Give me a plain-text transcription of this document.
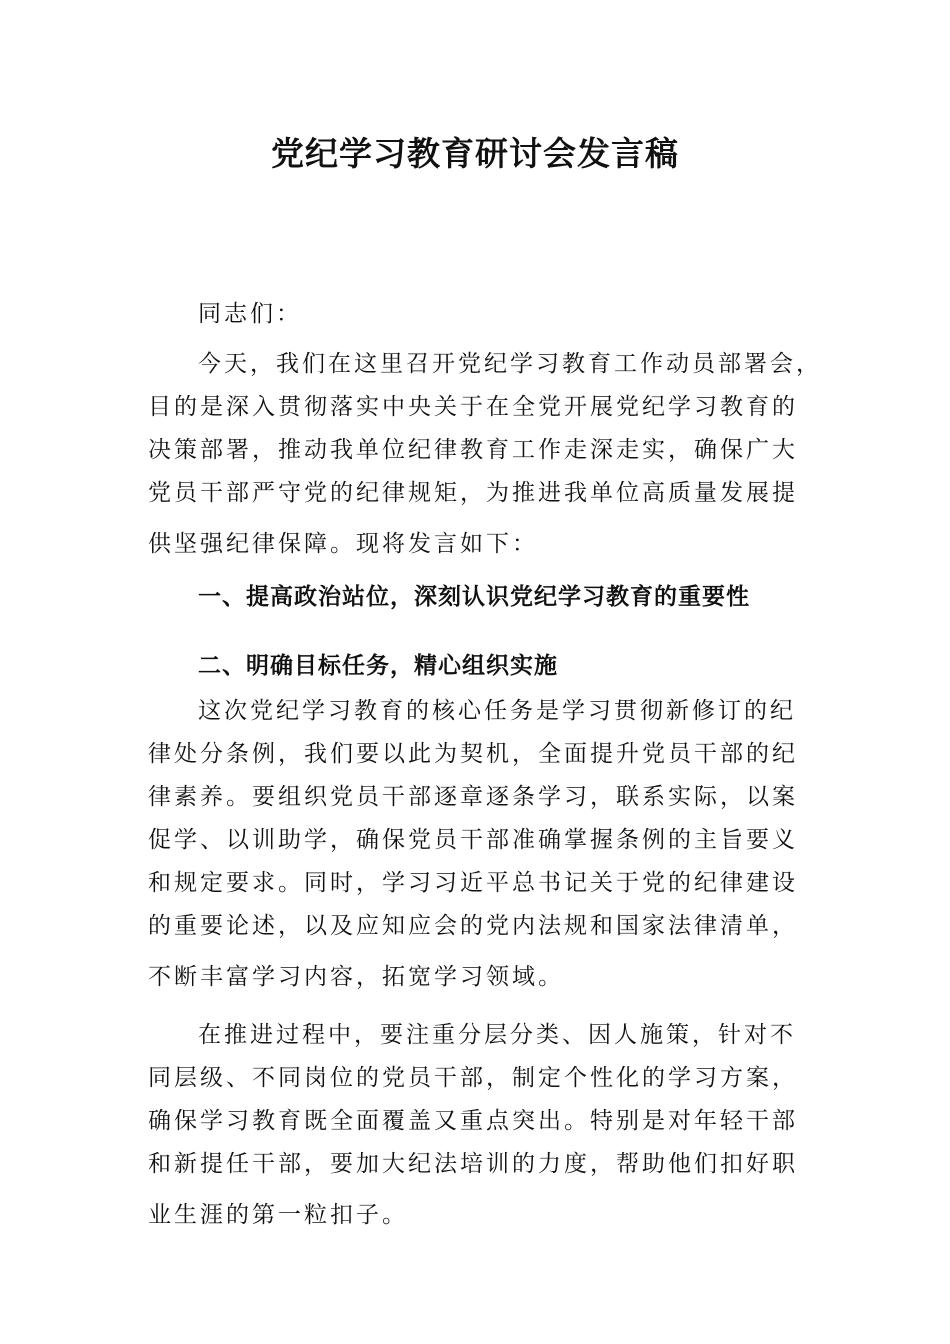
党纪学习教育研讨会发言稿
同志们：
今天，我们在这里召开党纪学习教育工作动员部署会，
目的是深入贯彻落实中央关于在全党开展党纪学习教育的
决策部署，推动我单位纪律教育工作走深走实，确保广大
党员干部严守党的纪律规矩，为推进我单位高质量发展提
供坚强纪律保障。现将发言如下：
一、提高政治站位，深刻认识党纪学习教育的重要性
二、明确目标任务，精心组织实施
这次党纪学习教育的核心任务是学习贯彻新修订的纪
律处分条例，我们要以此为契机，全面提升党员干部的纪
律素养。要组织党员干部逐章逐条学习，联系实际，以案
促学、以训助学，确保党员干部准确掌握条例的主旨要义
和规定要求。同时，学习习近平总书记关于党的纪律建设
的重要论述，以及应知应会的党内法规和国家法律清单，
不断丰富学习内容，拓宽学习领域。
在推进过程中，要注重分层分类、因人施策，针对不
同层级、不同岗位的党员干部，制定个性化的学习方案，
确保学习教育既全面覆盖又重点突出。特别是对年轻干部
和新提任干部，要加大纪法培训的力度，帮助他们扣好职
业生涯的第一粒扣子。
